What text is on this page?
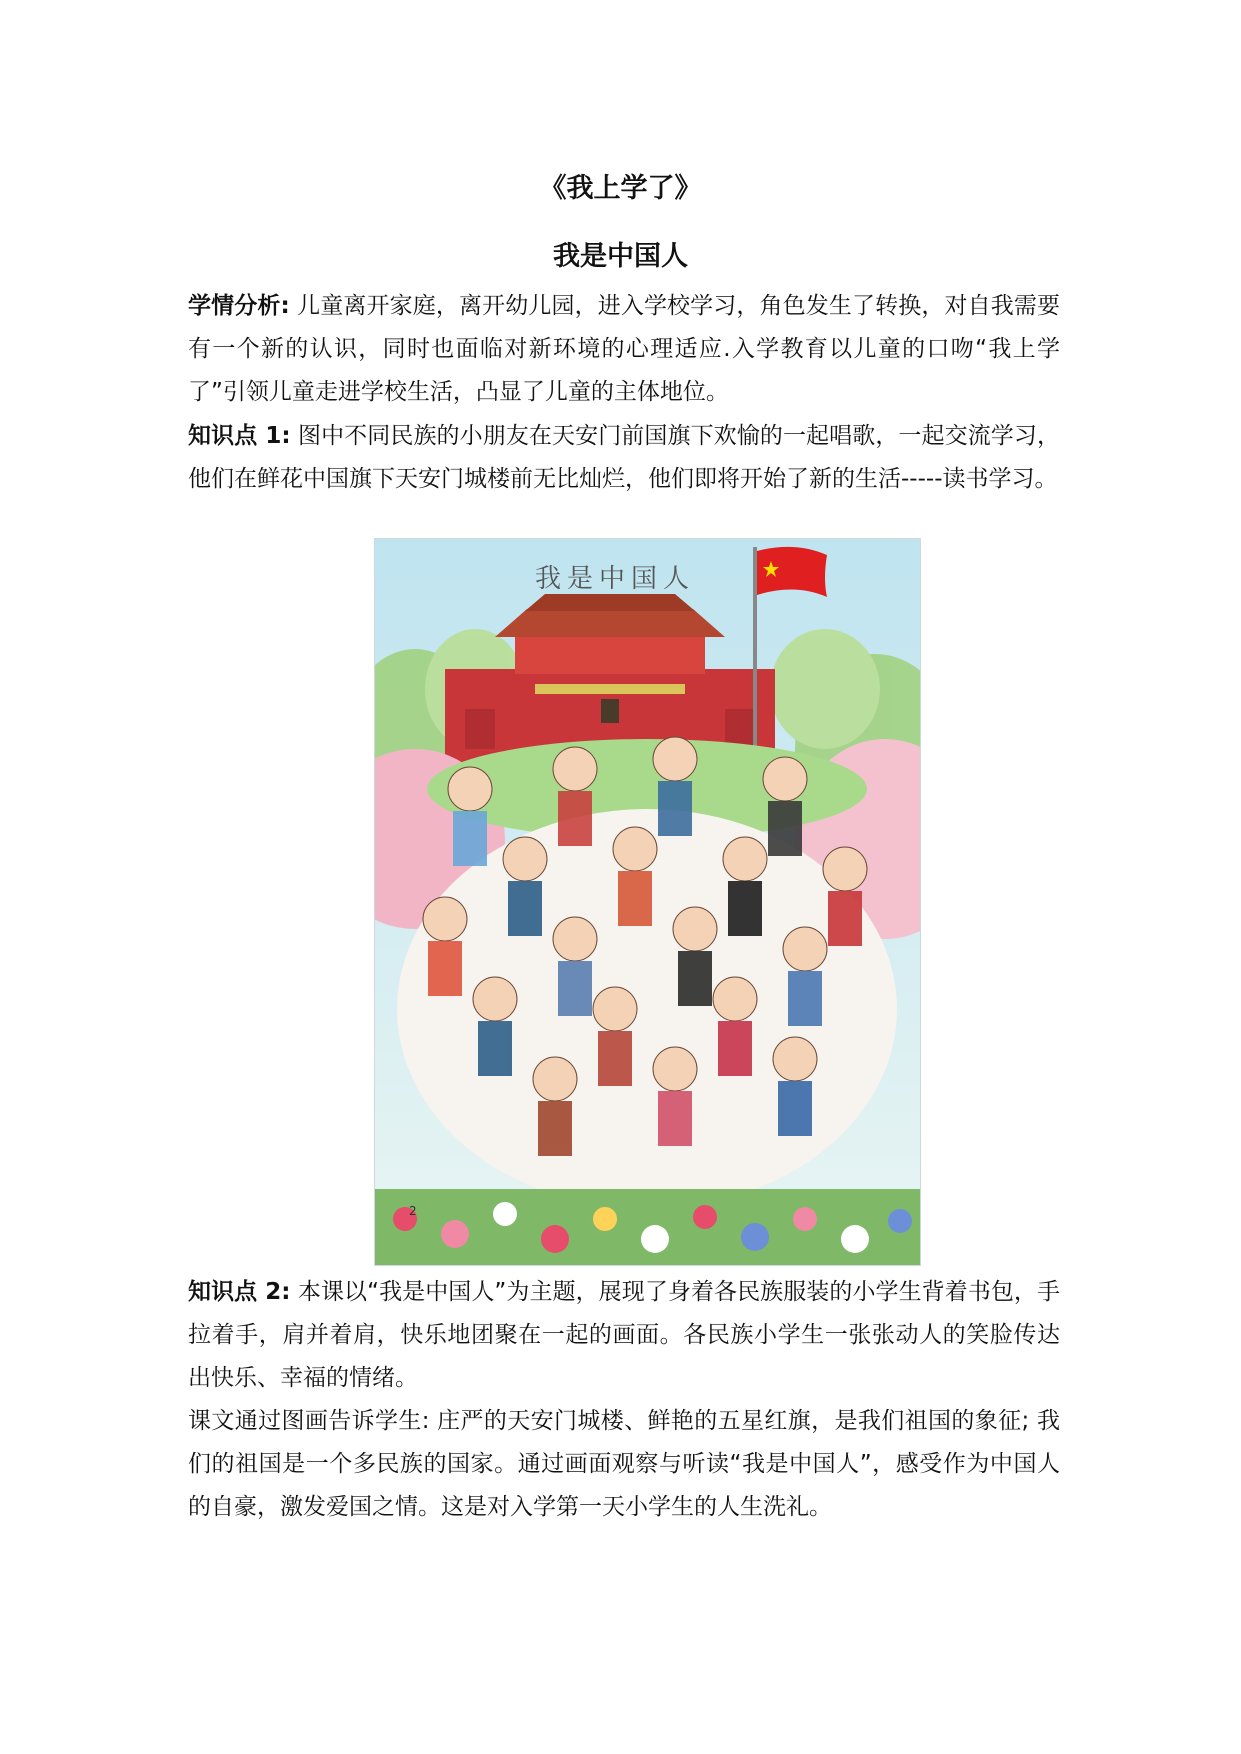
《我上学了》
我是中国人

学情分析: 儿童离开家庭，离开幼儿园，进入学校学习，角色发生了转换，对自我需要有一个新的认识，同时也面临对新环境的心理适应.入学教育以儿童的口吻“我上学了”引领儿童走进学校生活，凸显了儿童的主体地位。

知识点 1: 图中不同民族的小朋友在天安门前国旗下欢愉的一起唱歌，一起交流学习，他们在鲜花中国旗下天安门城楼前无比灿烂，他们即将开始了新的生活-----读书学习。

我是中国人
2

知识点 2: 本课以“我是中国人”为主题，展现了身着各民族服装的小学生背着书包，手拉着手，肩并着肩，快乐地团聚在一起的画面。各民族小学生一张张动人的笑脸传达出快乐、幸福的情绪。

课文通过图画告诉学生: 庄严的天安门城楼、鲜艳的五星红旗，是我们祖国的象征; 我们的祖国是一个多民族的国家。通过画面观察与听读“我是中国人”，感受作为中国人的自豪，激发爱国之情。这是对入学第一天小学生的人生洗礼。
